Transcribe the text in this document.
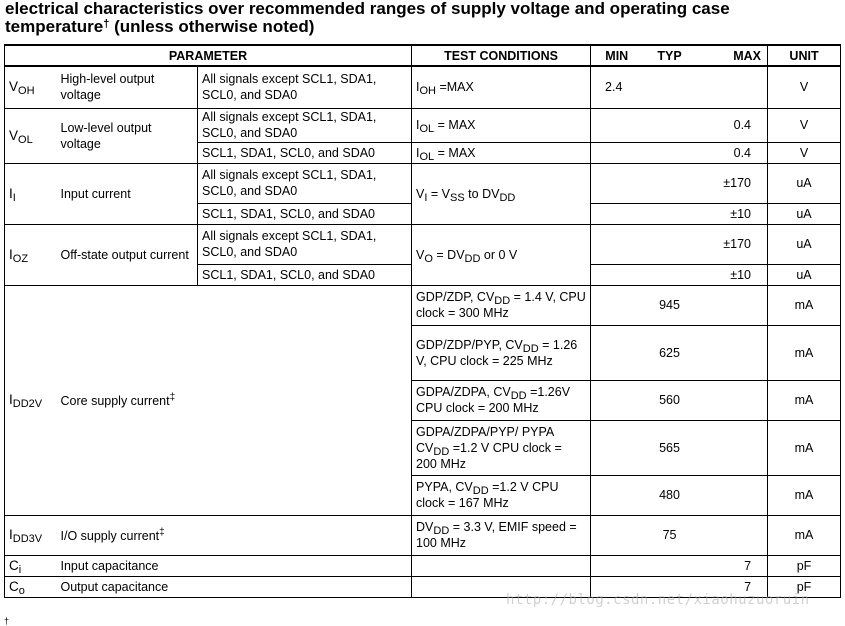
electrical characteristics over recommended ranges of supply voltage and operating case
temperature† (unless otherwise noted)
PARAMETER			TEST CONDITIONS	MIN	TYP	MAX	UNIT
$V_{OH}$	High-level output voltage	All signals except SCL1, SDA1, SCL0, and SDA0	$I_{OH} =MAX$	2.4			V
$V_{OL}$	Low-level output voltage	All signals except SCL1, SDA1, SCL0, and SDA0	$I_{OL}$ = MAX			0.4	V
		SCL1, SDA1, SCL0, and SDA0	$I_{OL}$ = MAX			0.4	V
$I_I$	Input current	All signals except SCL1, SDA1, SCL0, and SDA0	$V_I = V_{SS}$ to $DV_{DD}$			±170	uA
		SCL1, SDA1, SCL0, and SDA0				±10	uA
$I_{OZ}$	Off-state output current	All signals except SCL1, SDA1, SCL0, and SDA0	$V_O = DV_{DD}$ or 0 V			±170	uA
		SCL1, SDA1, SCL0, and SDA0				±10	uA
$I_{DD2V}$	Core supply current‡		GDP/ZDP, $CV_{DD} = 1.4$ V, CPU clock = 300 MHz		945		mA
			GDP/ZDP/PYP, $CV_{DD} = 1.26$ V, CPU clock = 225 MHz		625		mA
			GDPA/ZDPA, $CV_{DD} =1.26V$ CPU clock = 200 MHz		560		mA
			GDPA/ZDPA/PYP/ PYPA $CV_{DD} =1.2$ V CPU clock = 200 MHz		565		mA
			PYPA, $CV_{DD} =1.2$ V CPU clock = 167 MHz		480		mA
$I_{DD3V}$	I/O supply current‡		$DV_{DD} = 3.3$ V, EMIF speed = 100 MHz		75		mA
$C_i$	Input capacitance					7	pF
$C_o$	Output capacitance					7	pF
†
http://blog.csdn.net/xiaohuzuoruin
